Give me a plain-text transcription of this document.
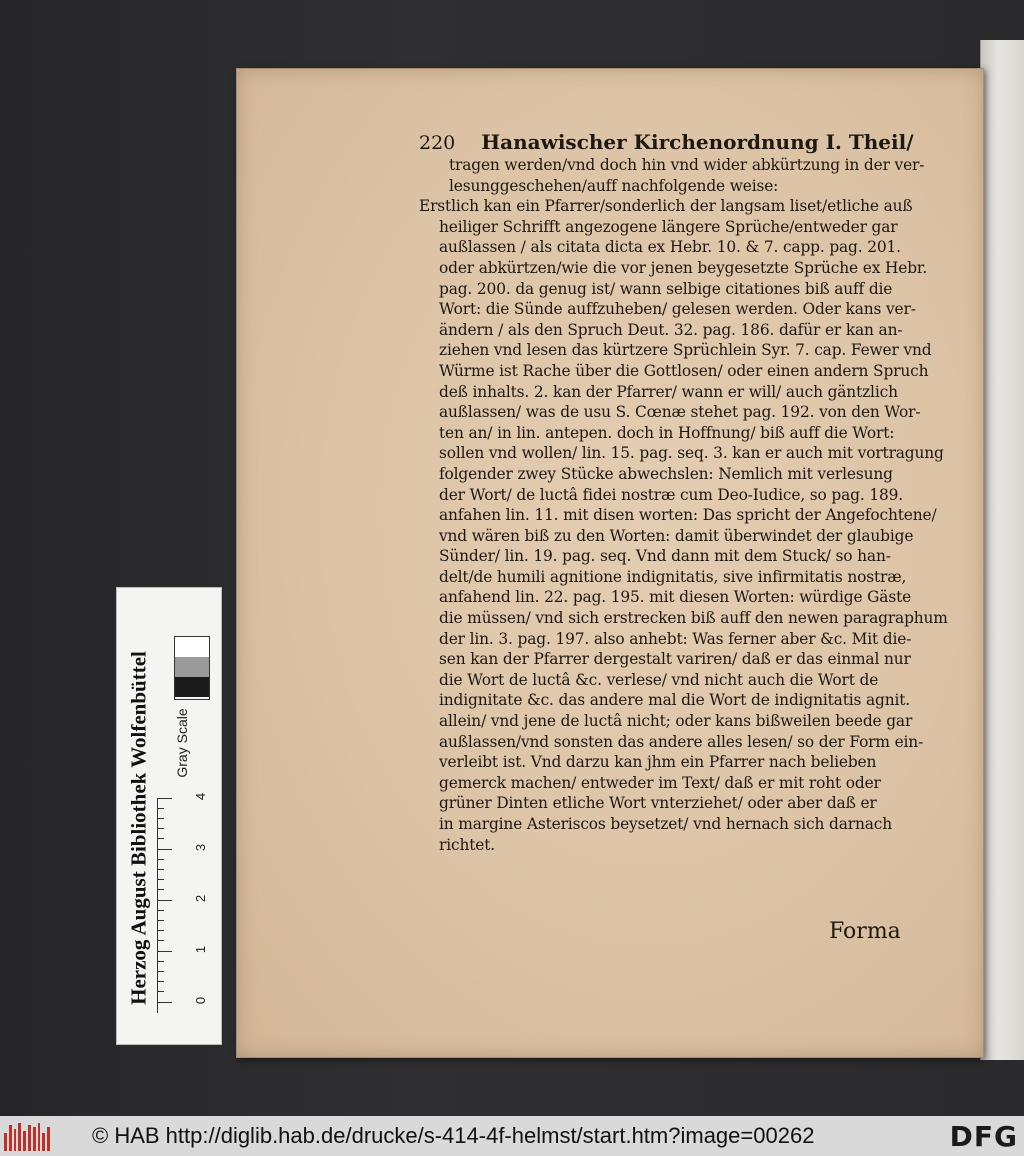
220 Hanawischer Kirchenordnung I. Theil/
tragen werden/vnd doch hin vnd wider abkürtzung in der ver-
lesunggeschehen/auff nachfolgende weise:
Erstlich kan ein Pfarrer/sonderlich der langsam liset/etliche auß
heiliger Schrifft angezogene längere Sprüche/entweder gar
außlassen / als citata dicta ex Hebr. 10. & 7. capp. pag. 201.
oder abkürtzen/wie die vor jenen beygesetzte Sprüche ex Hebr.
pag. 200. da genug ist/ wann selbige citationes biß auff die
Wort: die Sünde auffzuheben/ gelesen werden. Oder kans ver-
ändern / als den Spruch Deut. 32. pag. 186. dafür er kan an-
ziehen vnd lesen das kürtzere Sprüchlein Syr. 7. cap. Fewer vnd
Würme ist Rache über die Gottlosen/ oder einen andern Spruch
deß inhalts. 2. kan der Pfarrer/ wann er will/ auch gäntzlich
außlassen/ was de usu S. Cœnæ stehet pag. 192. von den Wor-
ten an/ in lin. antepen. doch in Hoffnung/ biß auff die Wort:
sollen vnd wollen/ lin. 15. pag. seq. 3. kan er auch mit vortragung
folgender zwey Stücke abwechslen: Nemlich mit verlesung
der Wort/ de luctâ fidei nostræ cum Deo-Iudice, so pag. 189.
anfahen lin. 11. mit disen worten: Das spricht der Angefochtene/
vnd wären biß zu den Worten: damit überwindet der glaubige
Sünder/ lin. 19. pag. seq. Vnd dann mit dem Stuck/ so han-
delt/de humili agnitione indignitatis, sive infirmitatis nostræ,
anfahend lin. 22. pag. 195. mit diesen Worten: würdige Gäste
die müssen/ vnd sich erstrecken biß auff den newen paragraphum
der lin. 3. pag. 197. also anhebt: Was ferner aber &c. Mit die-
sen kan der Pfarrer dergestalt variren/ daß er das einmal nur
die Wort de luctâ &c. verlese/ vnd nicht auch die Wort de
indignitate &c. das andere mal die Wort de indignitatis agnit.
allein/ vnd jene de luctâ nicht; oder kans bißweilen beede gar
außlassen/vnd sonsten das andere alles lesen/ so der Form ein-
verleibt ist. Vnd darzu kan jhm ein Pfarrer nach belieben
gemerck machen/ entweder im Text/ daß er mit roht oder
grüner Dinten etliche Wort vnterziehet/ oder aber daß er
in margine Asteriscos beysetzet/ vnd hernach sich darnach
richtet.
Forma
Herzog August Bibliothek Wolfenbüttel Gray Scale
0
1
2
3
4
© HAB http://diglib.hab.de/drucke/s-414-4f-helmst/start.htm?image=00262	DFG
